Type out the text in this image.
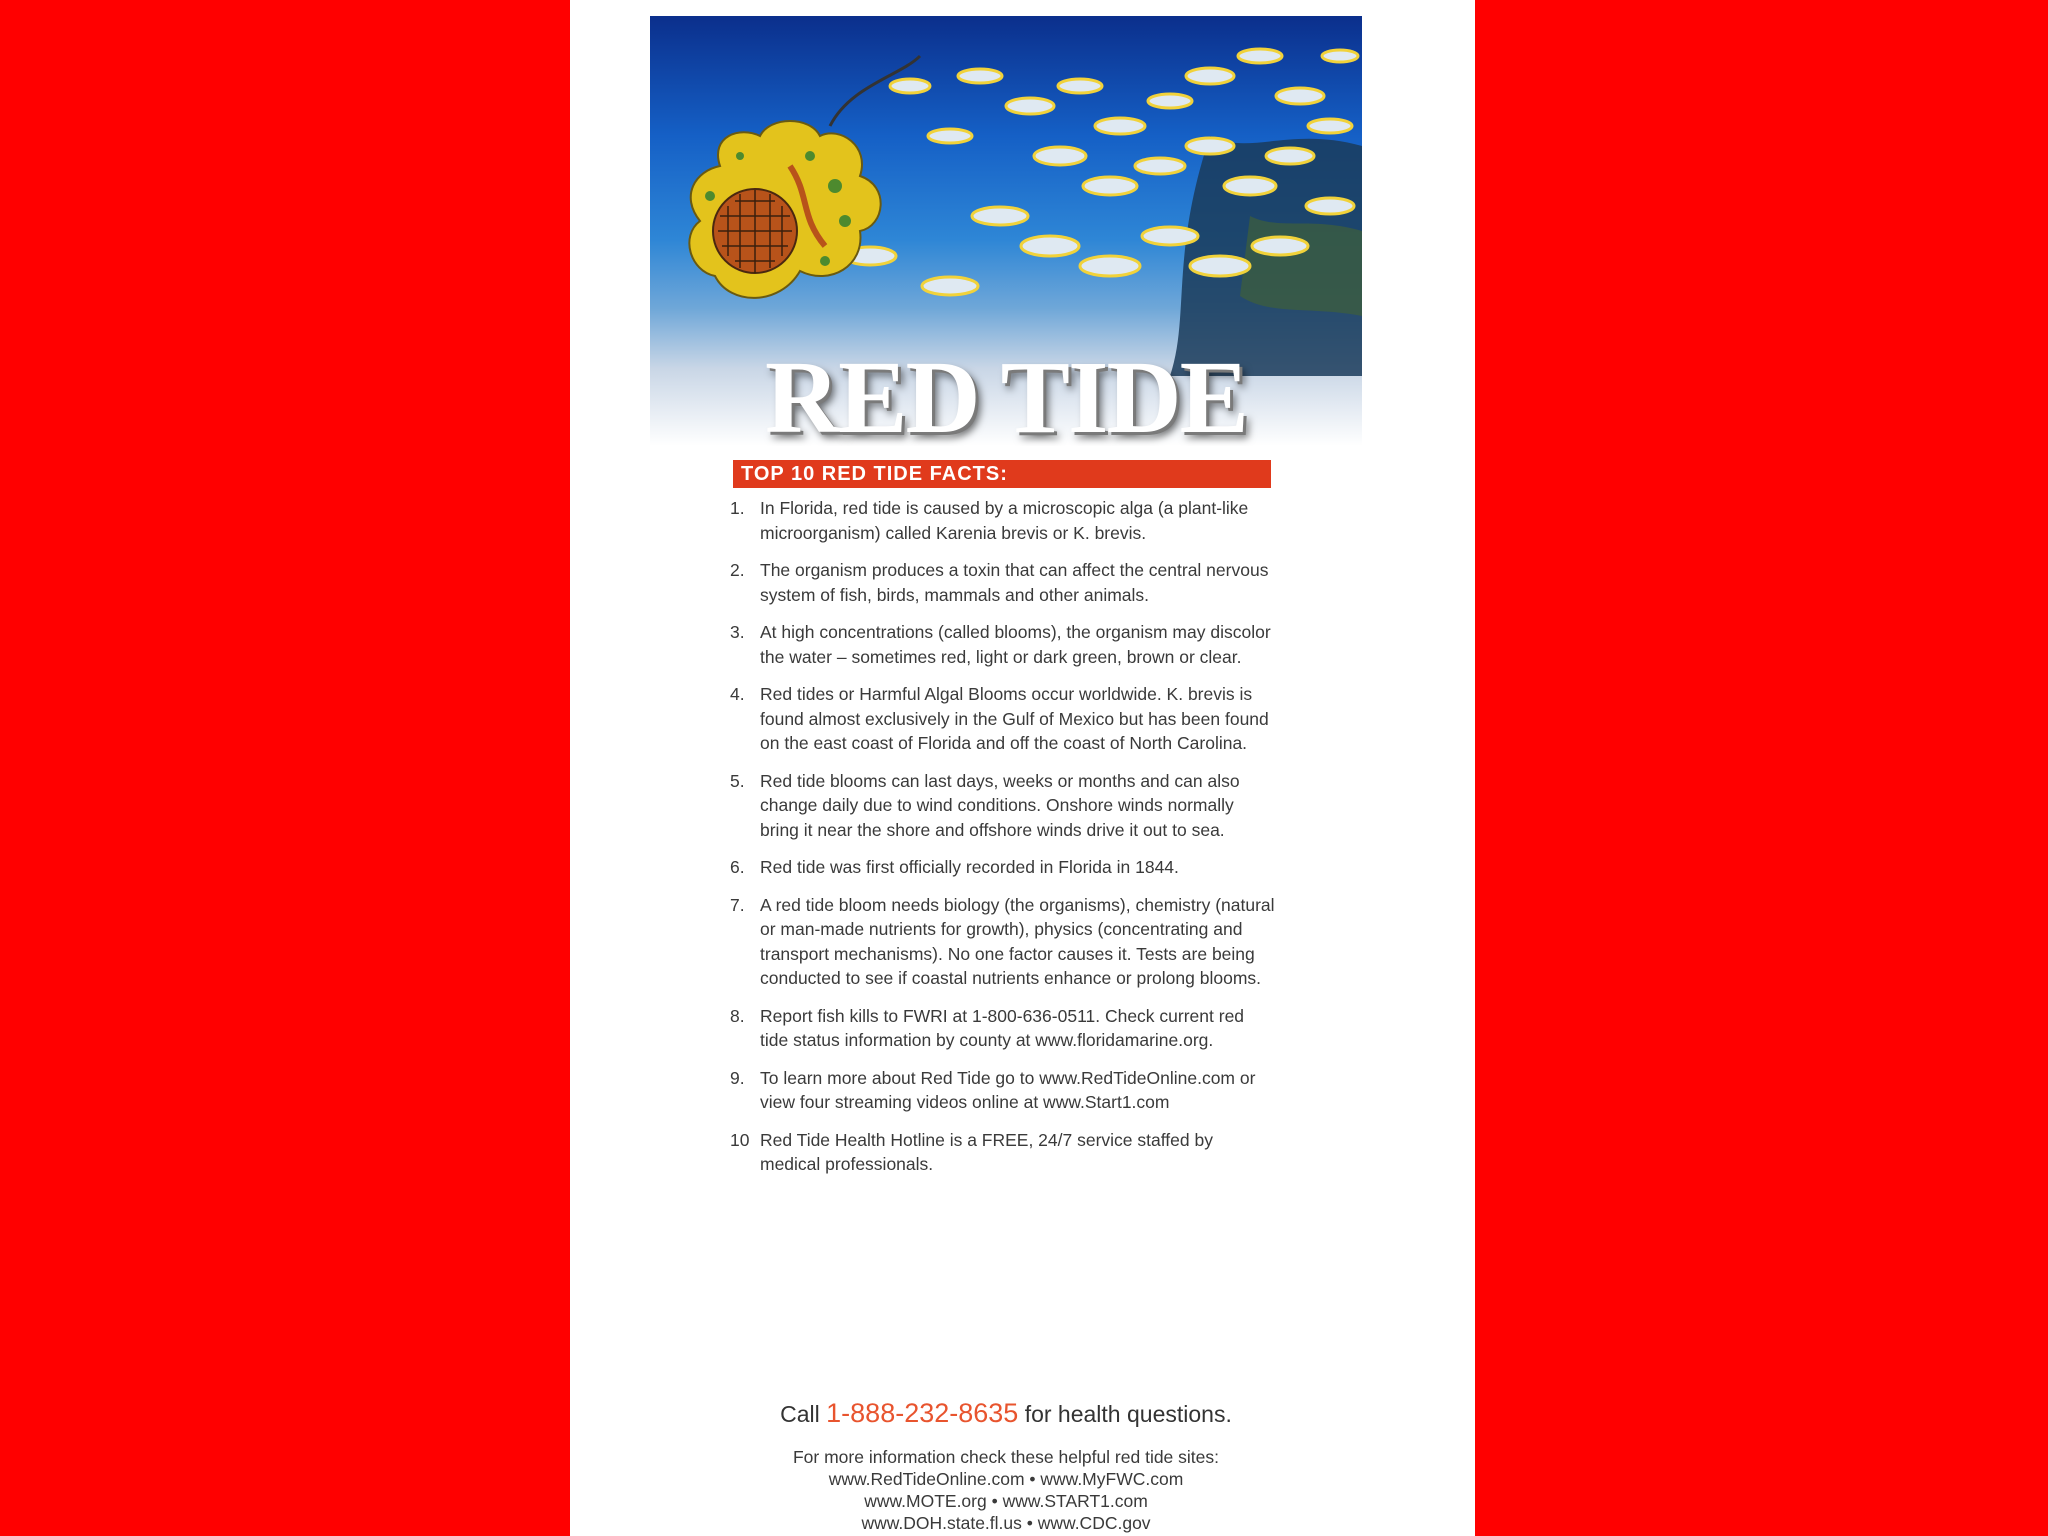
RED TIDE
TOP 10 RED TIDE FACTS:
1. In Florida, red tide is caused by a microscopic alga (a plant-like microorganism) called Karenia brevis or K. brevis.
2. The organism produces a toxin that can affect the central nervous system of fish, birds, mammals and other animals.
3. At high concentrations (called blooms), the organism may discolor the water – sometimes red, light or dark green, brown or clear.
4. Red tides or Harmful Algal Blooms occur worldwide. K. brevis is found almost exclusively in the Gulf of Mexico but has been found on the east coast of Florida and off the coast of North Carolina.
5. Red tide blooms can last days, weeks or months and can also change daily due to wind conditions. Onshore winds normally bring it near the shore and offshore winds drive it out to sea.
6. Red tide was first officially recorded in Florida in 1844.
7. A red tide bloom needs biology (the organisms), chemistry (natural or man-made nutrients for growth), physics (concentrating and transport mechanisms). No one factor causes it. Tests are being conducted to see if coastal nutrients enhance or prolong blooms.
8. Report fish kills to FWRI at 1-800-636-0511. Check current red tide status information by county at www.floridamarine.org.
9. To learn more about Red Tide go to www.RedTideOnline.com or view four streaming videos online at www.Start1.com
10 Red Tide Health Hotline is a FREE, 24/7 service staffed by medical professionals.
Call 1-888-232-8635 for health questions.
For more information check these helpful red tide sites:
www.RedTideOnline.com • www.MyFWC.com
www.MOTE.org • www.START1.com
www.DOH.state.fl.us • www.CDC.gov
